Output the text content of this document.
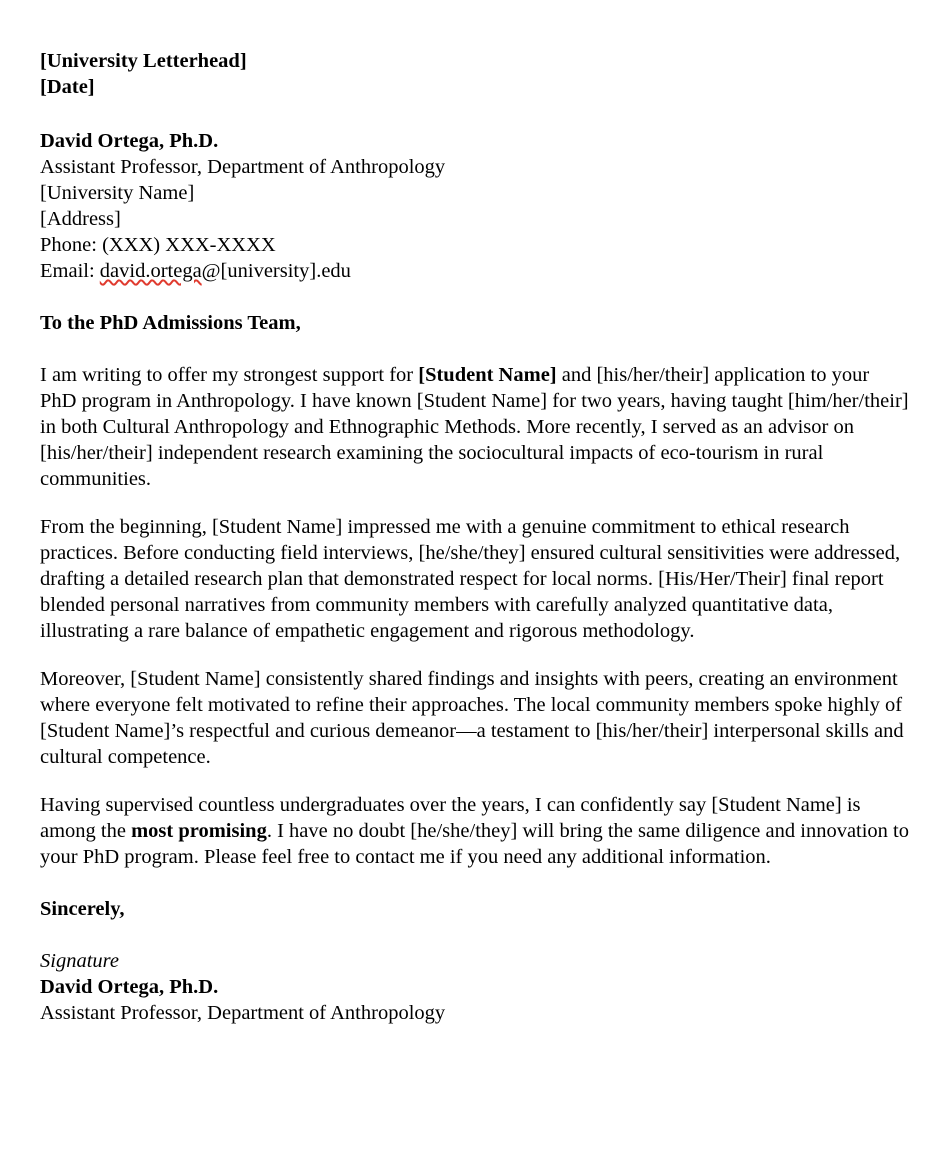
[University Letterhead]
[Date]
David Ortega, Ph.D.
Assistant Professor, Department of Anthropology
[University Name]
[Address]
Phone: (XXX) XXX-XXXX
Email: david.ortega@[university].edu

To the PhD Admissions Team,

I am writing to offer my strongest support for [Student Name] and [his/her/their] application to your PhD program in Anthropology. I have known [Student Name] for two years, having taught [him/her/their] in both Cultural Anthropology and Ethnographic Methods. More recently, I served as an advisor on [his/her/their] independent research examining the sociocultural impacts of eco-tourism in rural communities.

From the beginning, [Student Name] impressed me with a genuine commitment to ethical research practices. Before conducting field interviews, [he/she/they] ensured cultural sensitivities were addressed, drafting a detailed research plan that demonstrated respect for local norms. [His/Her/Their] final report blended personal narratives from community members with carefully analyzed quantitative data, illustrating a rare balance of empathetic engagement and rigorous methodology.

Moreover, [Student Name] consistently shared findings and insights with peers, creating an environment where everyone felt motivated to refine their approaches. The local community members spoke highly of [Student Name]’s respectful and curious demeanor—a testament to [his/her/their] interpersonal skills and cultural competence.

Having supervised countless undergraduates over the years, I can confidently say [Student Name] is among the most promising. I have no doubt [he/she/they] will bring the same diligence and innovation to your PhD program. Please feel free to contact me if you need any additional information.

Sincerely,

Signature
David Ortega, Ph.D.
Assistant Professor, Department of Anthropology
